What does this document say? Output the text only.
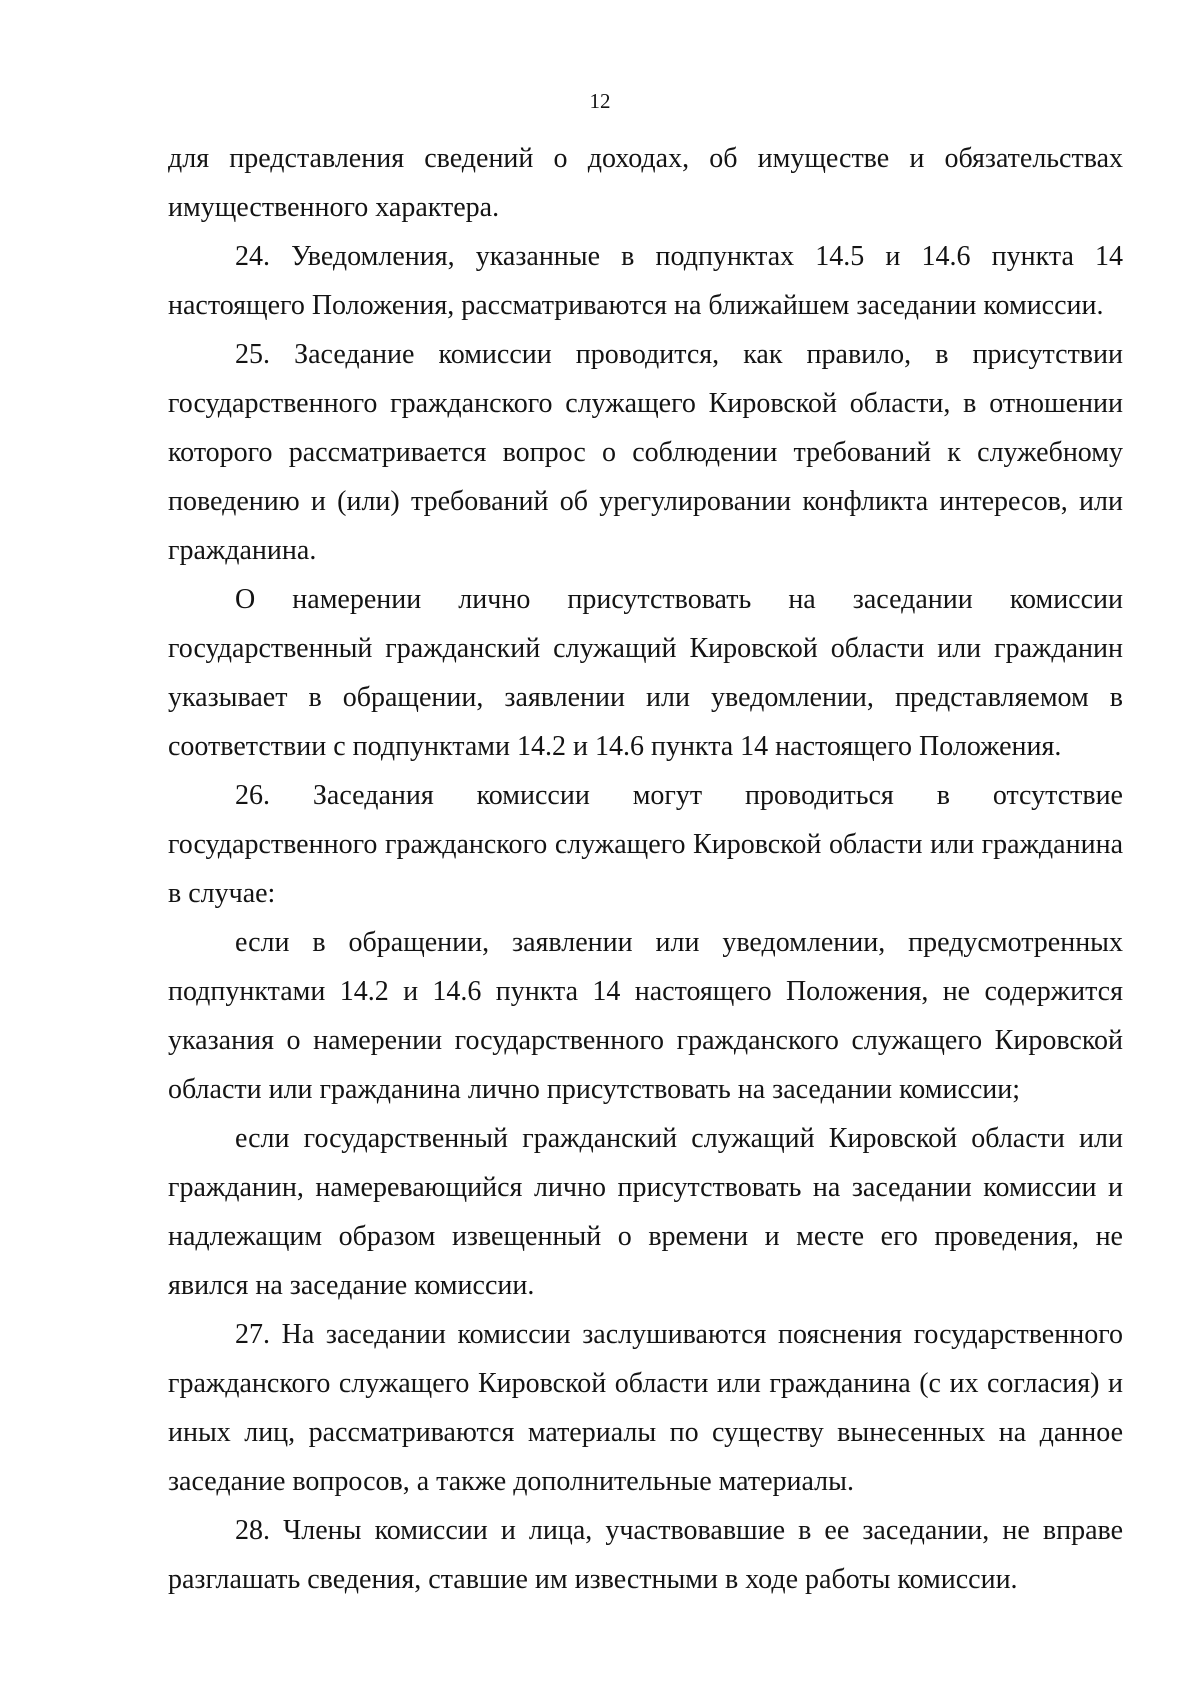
12

для представления сведений о доходах, об имуществе и обязательствах имущественного характера.

24. Уведомления, указанные в подпунктах 14.5 и 14.6 пункта 14 настоящего Положения, рассматриваются на ближайшем заседании комиссии.

25. Заседание комиссии проводится, как правило, в присутствии государственного гражданского служащего Кировской области, в отношении которого рассматривается вопрос о соблюдении требований к служебному поведению и (или) требований об урегулировании конфликта интересов, или гражданина.

О намерении лично присутствовать на заседании комиссии государственный гражданский служащий Кировской области или гражданин указывает в обращении, заявлении или уведомлении, представляемом в соответствии с подпунктами 14.2 и 14.6 пункта 14 настоящего Положения.

26. Заседания комиссии могут проводиться в отсутствие государственного гражданского служащего Кировской области или гражданина в случае:

если в обращении, заявлении или уведомлении, предусмотренных подпунктами 14.2 и 14.6 пункта 14 настоящего Положения, не содержится указания о намерении государственного гражданского служащего Кировской области или гражданина лично присутствовать на заседании комиссии;

если государственный гражданский служащий Кировской области или гражданин, намеревающийся лично присутствовать на заседании комиссии и надлежащим образом извещенный о времени и месте его проведения, не явился на заседание комиссии.

27. На заседании комиссии заслушиваются пояснения государственного гражданского служащего Кировской области или гражданина (с их согласия) и иных лиц, рассматриваются материалы по существу вынесенных на данное заседание вопросов, а также дополнительные материалы.

28. Члены комиссии и лица, участвовавшие в ее заседании, не вправе разглашать сведения, ставшие им известными в ходе работы комиссии.
